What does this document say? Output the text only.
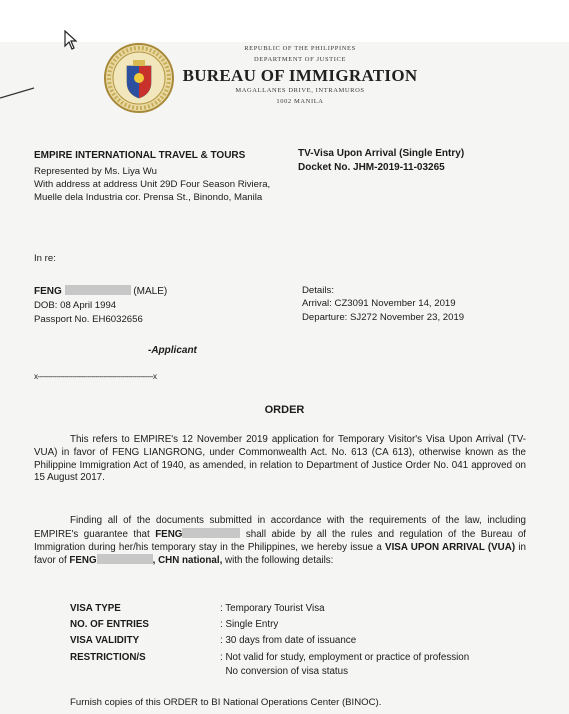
REPUBLIC OF THE PHILIPPINES
DEPARTMENT OF JUSTICE
BUREAU OF IMMIGRATION
MAGALLANES DRIVE, INTRAMUROS
1002 MANILA
EMPIRE INTERNATIONAL TRAVEL & TOURS
Represented by Ms. Liya Wu
With address at address Unit 29D Four Season Riviera,
Muelle dela Industria cor. Prensa St., Binondo, Manila
TV-Visa Upon Arrival (Single Entry)
Docket No. JHM-2019-11-03265
In re:
FENG	(MALE)
DOB: 08 April 1994
Passport No. EH6032656
Details:
Arrival: CZ3091 November 14, 2019
Departure: SJ272 November 23, 2019
-Applicant
x--------------------------------------------------------x
ORDER
This refers to EMPIRE's 12 November 2019 application for Temporary Visitor's Visa Upon Arrival (TV-VUA) in favor of FENG LIANGRONG, under Commonwealth Act. No. 613 (CA 613), otherwise known as the Philippine Immigration Act of 1940, as amended, in relation to Department of Justice Order No. 041 approved on 15 August 2017.
Finding all of the documents submitted in accordance with the requirements of the law, including EMPIRE's guarantee that FENG	shall abide by all the rules and regulation of the Bureau of Immigration during her/his temporary stay in the Philippines, we hereby issue a VISA UPON ARRIVAL (VUA) in favor of FENG	, CHN national, with the following details:
VISA TYPE	: Temporary Tourist Visa
NO. OF ENTRIES	: Single Entry
VISA VALIDITY	: 30 days from date of issuance
RESTRICTION/S	: Not valid for study, employment or practice of profession
No conversion of visa status
Furnish copies of this ORDER to BI National Operations Center (BINOC).
